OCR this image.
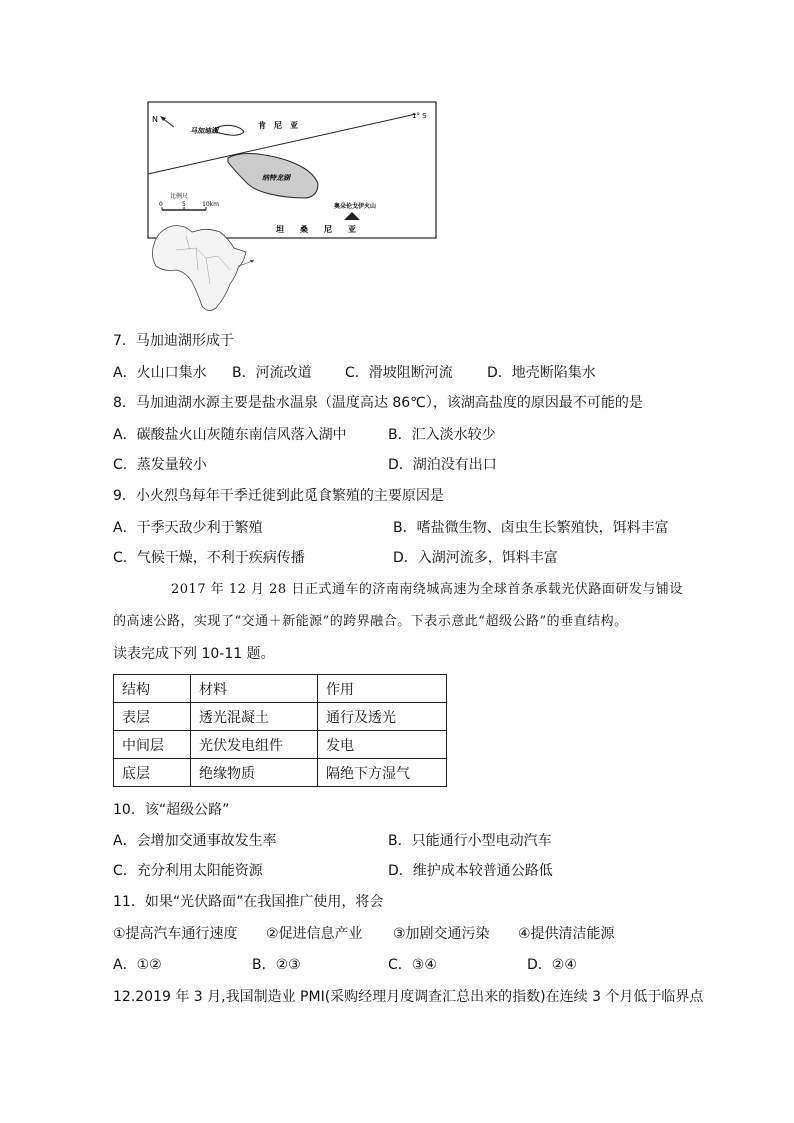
N	1° S
肯　尼　亚
马加迪湖
纳特龙湖
比例尺
0	5	10km	奥朵伦戈伊火山
坦　　桑　　尼　　亚
7．马加迪湖形成于
A．火山口集水 B．河流改道 C．滑坡阻断河流 D．地壳断陷集水
8．马加迪湖水源主要是盐水温泉（温度高达 86℃），该湖高盐度的原因最不可能的是
A．碳酸盐火山灰随东南信风落入湖中	B．汇入淡水较少
C．蒸发量较小	D．湖泊没有出口
9．小火烈鸟每年干季迁徙到此觅食繁殖的主要原因是
A．干季天敌少利于繁殖	B．嗜盐微生物、卤虫生长繁殖快，饵料丰富
C．气候干燥，不利于疾病传播	D．入湖河流多，饵料丰富
2017 年 12 月 28 日正式通车的济南南绕城高速为全球首条承载光伏路面研发与铺设
的高速公路，实现了“交通＋新能源”的跨界融合。下表示意此“超级公路”的垂直结构。
读表完成下列 10-11 题。
结构	材料	作用
表层	透光混凝土	通行及透光
中间层	光伏发电组件	发电
底层	绝缘物质	隔绝下方湿气
10．该“超级公路”
A．会增加交通事故发生率	B．只能通行小型电动汽车
C．充分利用太阳能资源	D．维护成本较普通公路低
11．如果“光伏路面”在我国推广使用，将会
①提高汽车通行速度 ②促进信息产业 ③加剧交通污染 ④提供清洁能源
A．①②	B．②③	C．③④	D．②④
12.2019 年 3 月,我国制造业 PMI(采购经理月度调查汇总出来的指数)在连续 3 个月低于临界点
